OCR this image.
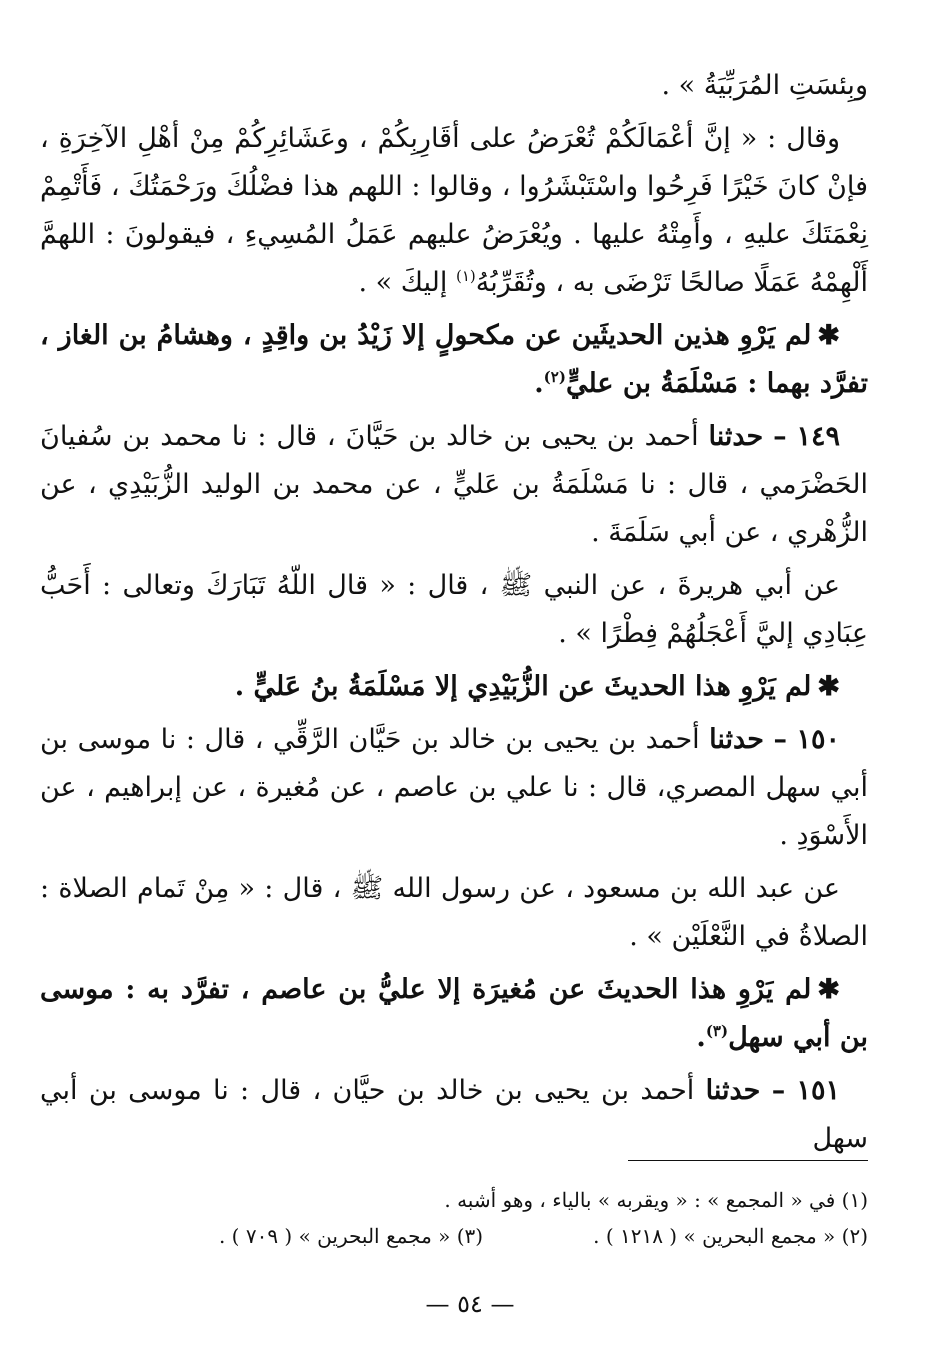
وبِئسَتِ المُرَبِّيَةُ » .

وقال : « إنَّ أعْمَالَكُمْ تُعْرَضُ على أقَارِبِكُمْ ، وعَشَائِرِكُمْ مِنْ أهْلِ الآخِرَةِ ، فإنْ كانَ خَيْرًا فَرِحُوا واسْتَبْشَرُوا ، وقالوا : اللهم هذا فضْلُكَ ورَحْمَتُكَ ، فَأَتْمِمْ نِعْمَتَكَ عليهِ ، وأَمِتْهُ عليها . ويُعْرَضُ عليهم عَمَلُ المُسِيءِ ، فيقولونَ : اللهمَّ أَلْهِمْهُ عَمَلًا صالحًا تَرْضَى به ، وتُقَرِّبُهُ$^{(١)}$ إليكَ » .

✱لم يَرْوِ هذين الحديثَين عن مكحولٍ إلا زَيْدُ بن واقِدٍ ، وهشامُ بن الغاز ، تفرَّد بهما : مَسْلَمَةُ بن عليٍّ$^{(٢)}$.

١٤٩ – حدثنا أحمد بن يحيى بن خالد بن حَيَّانَ ، قال : نا محمد بن سُفيانَ الحَضْرَمي ، قال : نا مَسْلَمَةُ بن عَليٍّ ، عن محمد بن الوليد الزُّبَيْدِي ، عن الزُّهْري ، عن أبي سَلَمَةَ .

عن أبي هريرةَ ، عن النبي ﷺ ، قال : « قال اللّهُ تَبَارَكَ وتعالى : أَحَبُّ عِبَادِي إليَّ أَعْجَلُهُمْ فِطْرًا » .

✱لم يَرْوِ هذا الحديثَ عن الزُّبَيْدِي إلا مَسْلَمَةُ بنُ عَليٍّ .

١٥٠ – حدثنا أحمد بن يحيى بن خالد بن حَيَّان الرَّقِّي ، قال : نا موسى بن أبي سهل المصري، قال : نا علي بن عاصم ، عن مُغيرة ، عن إبراهيم ، عن الأَسْوَدِ .

عن عبد الله بن مسعود ، عن رسول الله ﷺ ، قال : « مِنْ تَمام الصلاة : الصلاةُ في النَّعْلَيْن » .

✱لم يَرْوِ هذا الحديثَ عن مُغيرَة إلا عليُّ بن عاصم ، تفرَّد به : موسى بن أبي سهل$^{(٣)}$.

١٥١ – حدثنا أحمد بن يحيى بن خالد بن حيَّان ، قال : نا موسى بن أبي سهل

(١) في « المجمع » : « ويقربه » بالياء ، وهو أشبه .
(٢) « مجمع البحرين » ( ١٢١٨ ) .
(٣) « مجمع البحرين » ( ٧٠٩ ) .
— ٥٤ —
